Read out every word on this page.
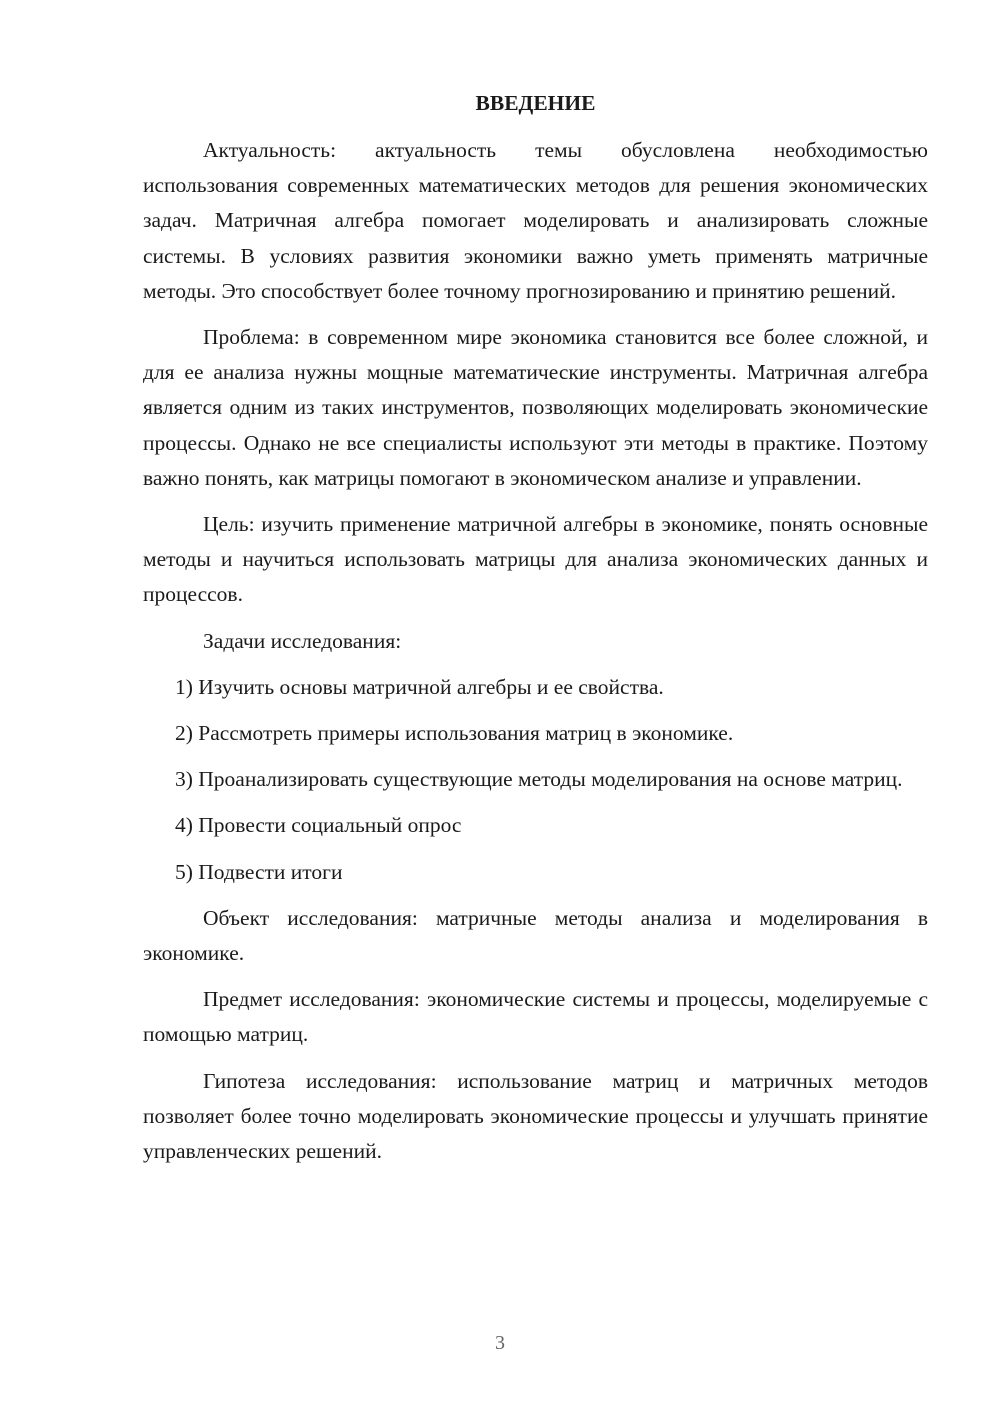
ВВЕДЕНИЕ

Актуальность: актуальность темы обусловлена необходимостью использования современных математических методов для решения экономических задач. Матричная алгебра помогает моделировать и анализировать сложные системы. В условиях развития экономики важно уметь применять матричные методы. Это способствует более точному прогнозированию и принятию решений.

Проблема: в современном мире экономика становится все более сложной, и для ее анализа нужны мощные математические инструменты. Матричная алгебра является одним из таких инструментов, позволяющих моделировать экономические процессы. Однако не все специалисты используют эти методы в практике. Поэтому важно понять, как матрицы помогают в экономическом анализе и управлении.

Цель: изучить применение матричной алгебры в экономике, понять основные методы и научиться использовать матрицы для анализа экономических данных и процессов.

Задачи исследования:

1) Изучить основы матричной алгебры и ее свойства.

2) Рассмотреть примеры использования матриц в экономике.

3) Проанализировать существующие методы моделирования на основе матриц.

4) Провести социальный опрос

5) Подвести итоги

Объект исследования: матричные методы анализа и моделирования в экономике.

Предмет исследования: экономические системы и процессы, моделируемые с помощью матриц.

Гипотеза исследования: использование матриц и матричных методов позволяет более точно моделировать экономические процессы и улучшать принятие управленческих решений.

3
